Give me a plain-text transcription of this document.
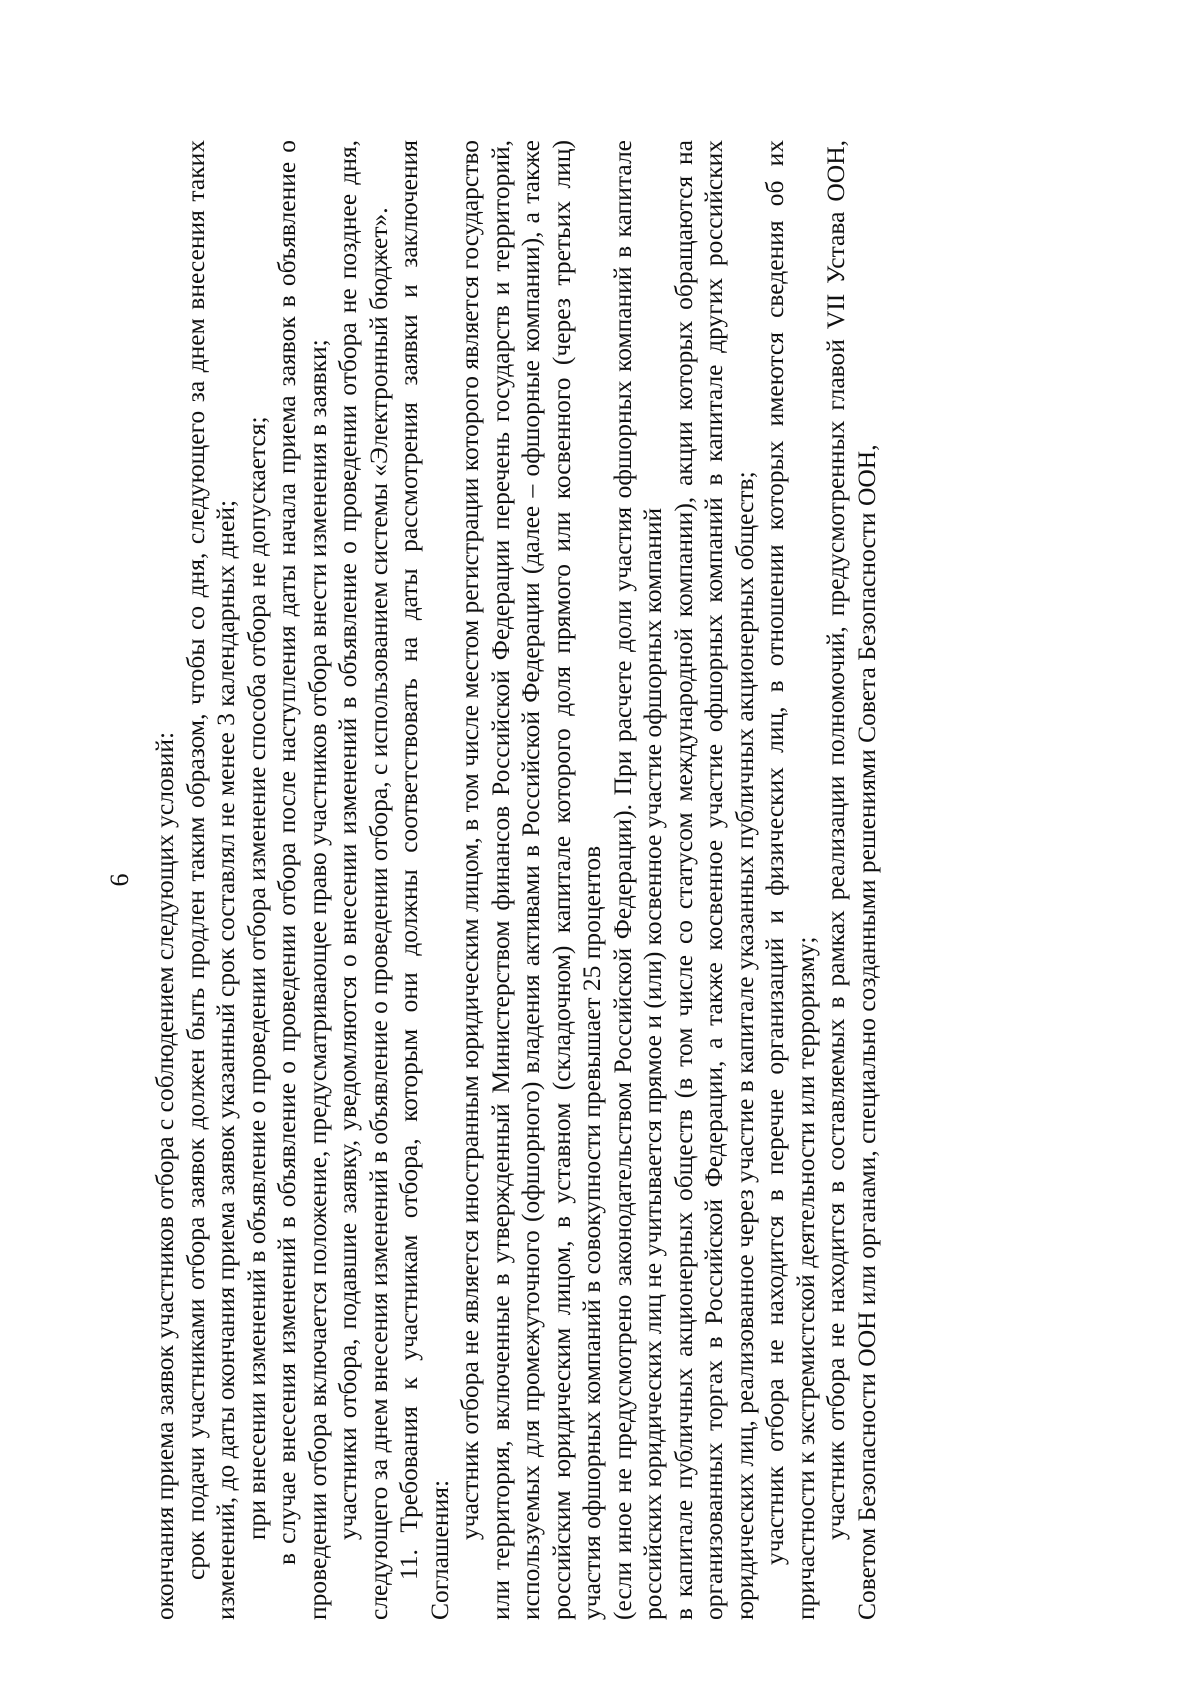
6 окончания приема заявок участников отбора с соблюдением следующих условий: срок подачи участниками отбора заявок должен быть продлен таким образом, чтобы со дня, следующего за днем внесения таких изменений, до даты окончания приема заявок указанный срок составлял не менее 3 календарных дней; при внесении изменений в объявление о проведении отбора изменение способа отбора не допускается; в случае внесения изменений в объявление о проведении отбора после наступления даты начала приема заявок в объявление о проведении отбора включается положение, предусматривающее право участников отбора внести изменения в заявки; участники отбора, подавшие заявку, уведомляются о внесении изменений в объявление о проведении отбора не позднее дня, следующего за днем внесения изменений в объявление о проведении отбора, с использованием системы «Электронный бюджет». 11. Требования к участникам отбора, которым они должны соответствовать на даты рассмотрения заявки и заключения Соглашения:

участник отбора не является иностранным юридическим лицом, в том числе местом регистрации которого является государство или территория, включенные в утвержденный Министерством финансов Российской Федерации перечень государств и территорий, используемых для промежуточного (офшорного) владения активами в Российской Федерации (далее – офшорные компании), а также российским юридическим лицом, в уставном (складочном) капитале которого доля прямого или косвенного (через третьих лиц) участия офшорных компаний в совокупности превышает 25 процентов (если иное не предусмотрено законодательством Российской Федерации). При расчете доли участия офшорных компаний в капитале российских юридических лиц не учитывается прямое и (или) косвенное участие офшорных компаний в капитале публичных акционерных обществ (в том числе со статусом международной компании), акции которых обращаются на организованных торгах в Российской Федерации, а также косвенное участие офшорных компаний в капитале других российских юридических лиц, реализованное через участие в капитале указанных публичных акционерных обществ; участник отбора не находится в перечне организаций и физических лиц, в отношении которых имеются сведения об их причастности к экстремистской деятельности или терроризму; участник отбора не находится в составляемых в рамках реализации полномочий, предусмотренных главой VII Устава ООН, Советом Безопасности ООН или органами, специально созданными решениями Совета Безопасности ООН,
